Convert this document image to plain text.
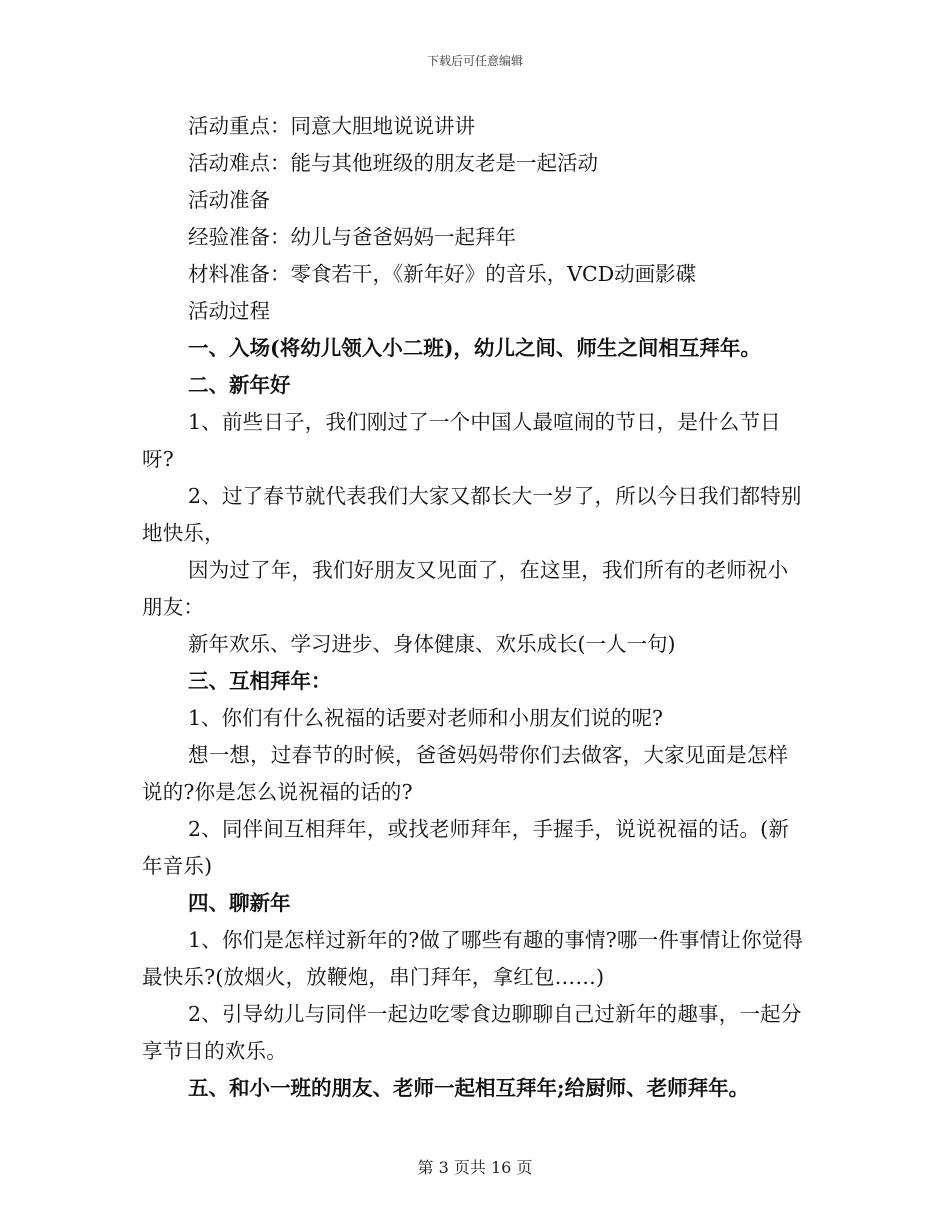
下载后可任意编辑
活动重点：同意大胆地说说讲讲
活动难点：能与其他班级的朋友老是一起活动
活动准备
经验准备：幼儿与爸爸妈妈一起拜年
材料准备：零食若干，《新年好》的音乐，VCD动画影碟
活动过程
一、入场(将幼儿领入小二班)，幼儿之间、师生之间相互拜年。
二、新年好
1、前些日子，我们刚过了一个中国人最喧闹的节日，是什么节日呀?
2、过了春节就代表我们大家又都长大一岁了，所以今日我们都特别地快乐，
因为过了年，我们好朋友又见面了，在这里，我们所有的老师祝小朋友：
新年欢乐、学习进步、身体健康、欢乐成长(一人一句)
三、互相拜年：
1、你们有什么祝福的话要对老师和小朋友们说的呢?
想一想，过春节的时候，爸爸妈妈带你们去做客，大家见面是怎样说的?你是怎么说祝福的话的?
2、同伴间互相拜年，或找老师拜年，手握手，说说祝福的话。(新年音乐)
四、聊新年
1、你们是怎样过新年的?做了哪些有趣的事情?哪一件事情让你觉得最快乐?(放烟火，放鞭炮，串门拜年，拿红包……)
2、引导幼儿与同伴一起边吃零食边聊聊自己过新年的趣事，一起分享节日的欢乐。
五、和小一班的朋友、老师一起相互拜年;给厨师、老师拜年。
第 3 页共 16 页
